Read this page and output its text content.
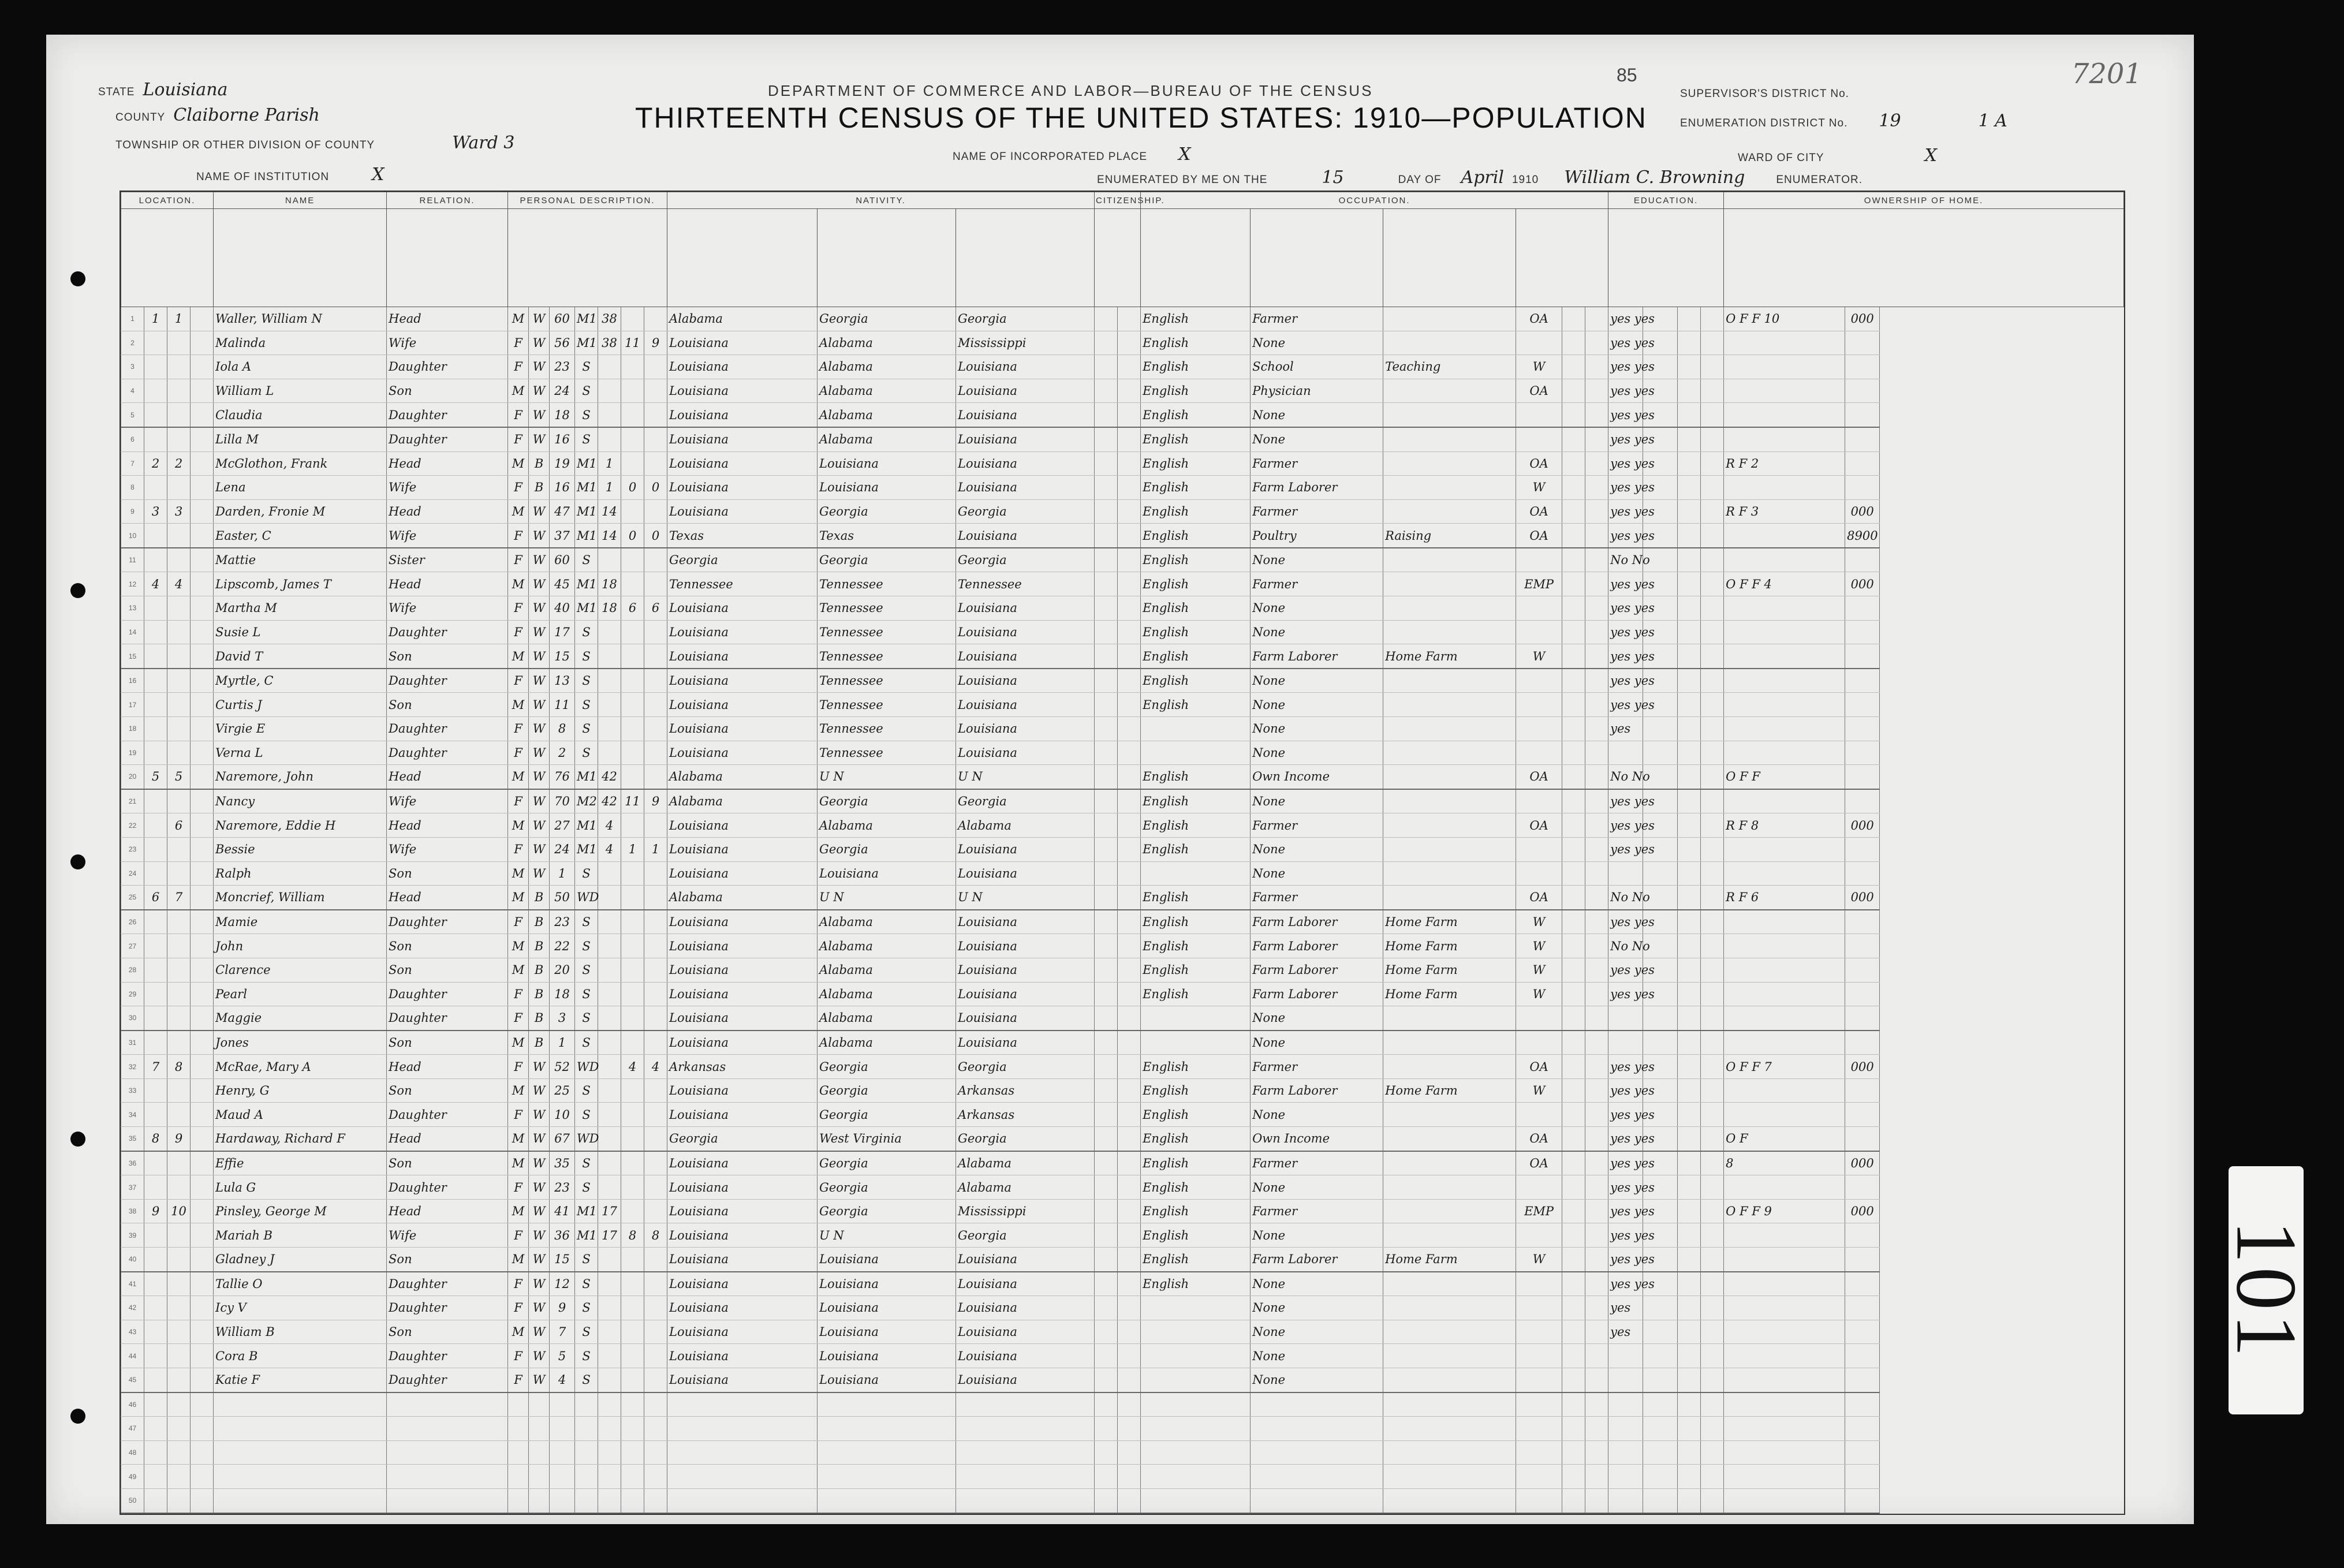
STATE Louisiana
COUNTY Claiborne Parish
TOWNSHIP OR OTHER DIVISION OF COUNTY	Ward 3
NAME OF INSTITUTION X
DEPARTMENT OF COMMERCE AND LABOR—BUREAU OF THE CENSUS
THIRTEENTH CENSUS OF THE UNITED STATES: 1910—POPULATION
85	7201
NAME OF INCORPORATED PLACE X
ENUMERATED BY ME ON THE	15	DAY OF April 1910 William C. Browning	ENUMERATOR.
SUPERVISOR'S DISTRICT No.
ENUMERATION DISTRICT No. 19	1 A
WARD OF CITY	X
LOCATION.				NAME	RELATION.	PERSONAL DESCRIPTION.							NATIVITY.			CITIZENSHIP.		OCCUPATION.						EDUCATION.				OWNERSHIP OF HOME.	

1	1	1		Waller, William N	Head	M	W	60	M1	38			Alabama	Georgia	Georgia			English	Farmer		OA			yes yes				O F F 10	000
2				Malinda	Wife	F	W	56	M1	38	11	9	Louisiana	Alabama	Mississippi			English	None					yes yes					
3				Iola A	Daughter	F	W	23	S				Louisiana	Alabama	Louisiana			English	School	Teaching	W			yes yes					
4				William L	Son	M	W	24	S				Louisiana	Alabama	Louisiana			English	Physician		OA			yes yes					
5				Claudia	Daughter	F	W	18	S				Louisiana	Alabama	Louisiana			English	None					yes yes					
6				Lilla M	Daughter	F	W	16	S				Louisiana	Alabama	Louisiana			English	None					yes yes					
7	2	2		McGlothon, Frank	Head	M	B	19	M1	1			Louisiana	Louisiana	Louisiana			English	Farmer		OA			yes yes				R F 2	
8				Lena	Wife	F	B	16	M1	1	0	0	Louisiana	Louisiana	Louisiana			English	Farm Laborer		W			yes yes					
9	3	3		Darden, Fronie M	Head	M	W	47	M1	14			Louisiana	Georgia	Georgia			English	Farmer		OA			yes yes				R F 3	000
10				Easter, C	Wife	F	W	37	M1	14	0	0	Texas	Texas	Louisiana			English	Poultry	Raising	OA			yes yes					8900
11				Mattie	Sister	F	W	60	S				Georgia	Georgia	Georgia			English	None					No No					
12	4	4		Lipscomb, James T	Head	M	W	45	M1	18			Tennessee	Tennessee	Tennessee			English	Farmer		EMP			yes yes				O F F 4	000
13				Martha M	Wife	F	W	40	M1	18	6	6	Louisiana	Tennessee	Louisiana			English	None					yes yes					
14				Susie L	Daughter	F	W	17	S				Louisiana	Tennessee	Louisiana			English	None					yes yes					
15				David T	Son	M	W	15	S				Louisiana	Tennessee	Louisiana			English	Farm Laborer	Home Farm	W			yes yes					
16				Myrtle, C	Daughter	F	W	13	S				Louisiana	Tennessee	Louisiana			English	None					yes yes					
17				Curtis J	Son	M	W	11	S				Louisiana	Tennessee	Louisiana			English	None					yes yes					
18				Virgie E	Daughter	F	W	8	S				Louisiana	Tennessee	Louisiana				None					yes					
19				Verna L	Daughter	F	W	2	S				Louisiana	Tennessee	Louisiana				None										
20	5	5		Naremore, John	Head	M	W	76	M1	42			Alabama	U N	U N			English	Own Income		OA			No No				O F F	
21				Nancy	Wife	F	W	70	M2	42	11	9	Alabama	Georgia	Georgia			English	None					yes yes					
22		6		Naremore, Eddie H	Head	M	W	27	M1	4			Louisiana	Alabama	Alabama			English	Farmer		OA			yes yes				R F 8	000
23				Bessie	Wife	F	W	24	M1	4	1	1	Louisiana	Georgia	Louisiana			English	None					yes yes					
24				Ralph	Son	M	W	1	S				Louisiana	Louisiana	Louisiana				None										
25	6	7		Moncrief, William	Head	M	B	50	WD				Alabama	U N	U N			English	Farmer		OA			No No				R F 6	000
26				Mamie	Daughter	F	B	23	S				Louisiana	Alabama	Louisiana			English	Farm Laborer	Home Farm	W			yes yes					
27				John	Son	M	B	22	S				Louisiana	Alabama	Louisiana			English	Farm Laborer	Home Farm	W			No No					
28				Clarence	Son	M	B	20	S				Louisiana	Alabama	Louisiana			English	Farm Laborer	Home Farm	W			yes yes					
29				Pearl	Daughter	F	B	18	S				Louisiana	Alabama	Louisiana			English	Farm Laborer	Home Farm	W			yes yes					
30				Maggie	Daughter	F	B	3	S				Louisiana	Alabama	Louisiana				None										
31				Jones	Son	M	B	1	S				Louisiana	Alabama	Louisiana				None										
32	7	8		McRae, Mary A	Head	F	W	52	WD		4	4	Arkansas	Georgia	Georgia			English	Farmer		OA			yes yes				O F F 7	000
33				Henry, G	Son	M	W	25	S				Louisiana	Georgia	Arkansas			English	Farm Laborer	Home Farm	W			yes yes					
34				Maud A	Daughter	F	W	10	S				Louisiana	Georgia	Arkansas			English	None					yes yes					
35	8	9		Hardaway, Richard F	Head	M	W	67	WD				Georgia	West Virginia	Georgia			English	Own Income		OA			yes yes				O F	
36				Effie	Son	M	W	35	S				Louisiana	Georgia	Alabama			English	Farmer		OA			yes yes				8	000
37				Lula G	Daughter	F	W	23	S				Louisiana	Georgia	Alabama			English	None					yes yes					
38	9	10		Pinsley, George M	Head	M	W	41	M1	17			Louisiana	Georgia	Mississippi			English	Farmer		EMP			yes yes				O F F 9	000
39				Mariah B	Wife	F	W	36	M1	17	8	8	Louisiana	U N	Georgia			English	None					yes yes					
40				Gladney J	Son	M	W	15	S				Louisiana	Louisiana	Louisiana			English	Farm Laborer	Home Farm	W			yes yes					
41				Tallie O	Daughter	F	W	12	S				Louisiana	Louisiana	Louisiana			English	None					yes yes					
42				Icy V	Daughter	F	W	9	S				Louisiana	Louisiana	Louisiana				None					yes					
43				William B	Son	M	W	7	S				Louisiana	Louisiana	Louisiana				None					yes					
44				Cora B	Daughter	F	W	5	S				Louisiana	Louisiana	Louisiana				None										
45				Katie F	Daughter	F	W	4	S				Louisiana	Louisiana	Louisiana				None										
46																													
47																													
48																													
49																													
50																													
101
